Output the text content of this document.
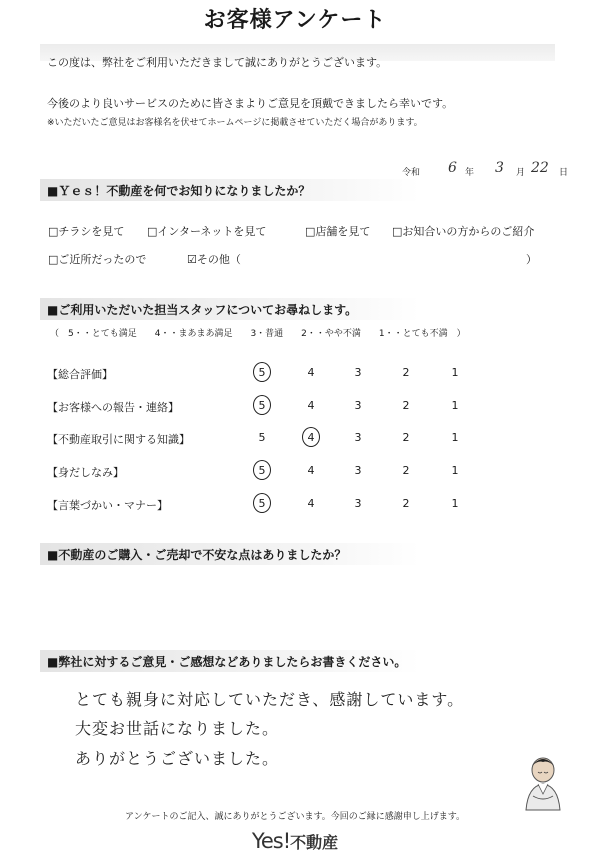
お客様アンケート
この度は、弊社をご利用いただきまして誠にありがとうございます。
今後のより良いサービスのために皆さまよりご意見を頂戴できましたら幸いです。
※いただいたご意見はお客様名を伏せてホームページに掲載させていただく場合があります。
令和 6 年 3 月 22 日
■Ｙｅｓ！不動産を何でお知りになりましたか？
□チラシを見て □インターネットを見て	□店舗を見て □お知合いの方からのご紹介
□ご近所だったので	☑その他（	）
■ご利用いただいた担当スタッフについてお尋ねします。
（　5・・とても満足　　4・・まあまあ満足　　3・普通　　2・・やや不満　　1・・とても不満　）
【総合評価】	5	4	3	2	1
【お客様への報告・連絡】	5	4	3	2	1
【不動産取引に関する知識】	5	4	3	2	1
【身だしなみ】	5	4	3	2	1
【言葉づかい・マナー】	5	4	3	2	1
■不動産のご購入・ご売却で不安な点はありましたか？
■弊社に対するご意見・ご感想などありましたらお書きください。
とても親身に対応していただき、感謝しています。
大変お世話になりました。
ありがとうございました。
アンケートのご記入、誠にありがとうございます。今回のご縁に感謝申し上げます。
Yes!不動産
